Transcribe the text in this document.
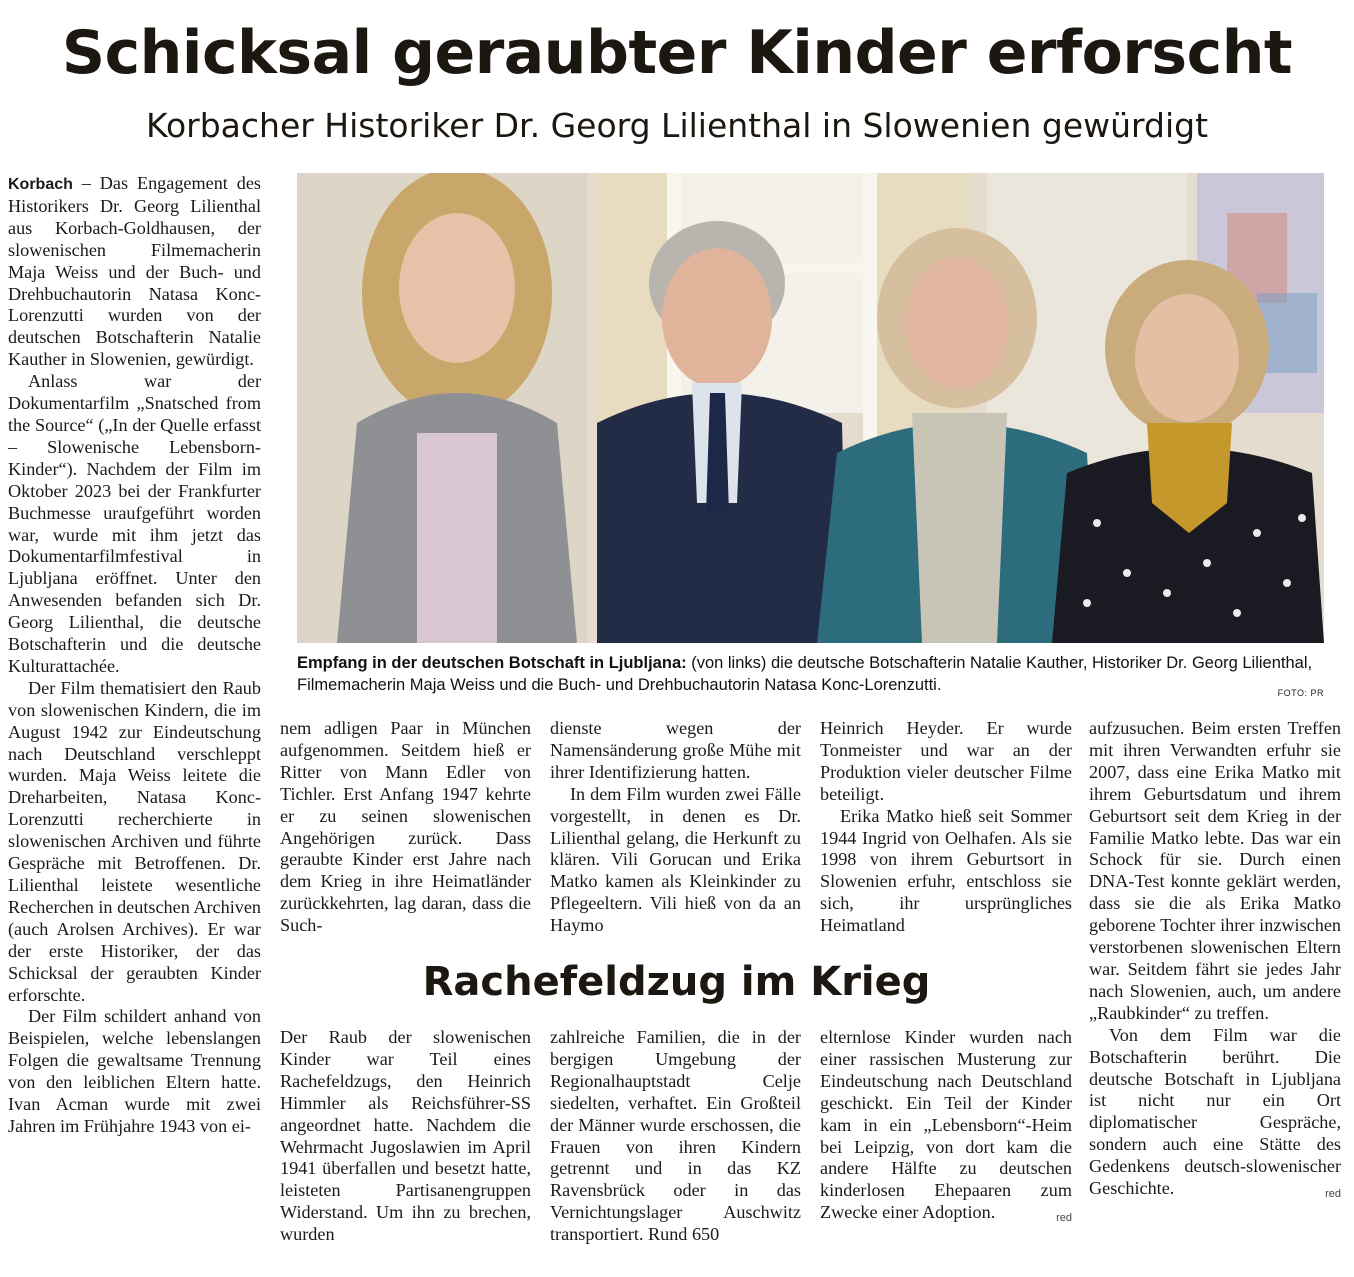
Schicksal geraubter Kinder erforscht
Korbacher Historiker Dr. Georg Lilienthal in Slowenien gewürdigt

Korbach – Das Engagement des Historikers Dr. Georg Lilienthal aus Korbach-Goldhausen, der slowenischen Filmemacherin Maja Weiss und der Buch- und Drehbuchautorin Natasa Konc-Lorenzutti wurden von der deutschen Botschafterin Natalie Kauther in Slowenien, gewürdigt.

Anlass war der Dokumentarfilm „Snatsched from the Source“ („In der Quelle erfasst – Slowenische Lebensborn-Kinder“). Nachdem der Film im Oktober 2023 bei der Frankfurter Buchmesse uraufgeführt worden war, wurde mit ihm jetzt das Dokumentarfilmfestival in Ljubljana eröffnet. Unter den Anwesenden befanden sich Dr. Georg Lilienthal, die deutsche Botschafterin und die deutsche Kulturattachée.

Der Film thematisiert den Raub von slowenischen Kindern, die im August 1942 zur Eindeutschung nach Deutschland verschleppt wurden. Maja Weiss leitete die Dreharbeiten, Natasa Konc-Lorenzutti recherchierte in slowenischen Archiven und führte Gespräche mit Betroffenen. Dr. Lilienthal leistete wesentliche Recherchen in deutschen Archiven (auch Arolsen Archives). Er war der erste Historiker, der das Schicksal der geraubten Kinder erforschte.

Der Film schildert anhand von Beispielen, welche lebenslangen Folgen die gewaltsame Trennung von den leiblichen Eltern hatte. Ivan Acman wurde mit zwei Jahren im Frühjahre 1943 von ei-

Empfang in der deutschen Botschaft in Ljubljana: (von links) die deutsche Botschafterin Natalie Kauther, Historiker Dr. Georg Lilienthal, Filmemacherin Maja Weiss und die Buch- und Drehbuchautorin Natasa Konc-Lorenzutti.	FOTO: PR

nem adligen Paar in München aufgenommen. Seitdem hieß er Ritter von Mann Edler von Tichler. Erst Anfang 1947 kehrte er zu seinen slowenischen Angehörigen zurück. Dass geraubte Kinder erst Jahre nach dem Krieg in ihre Heimatländer zurückkehrten, lag daran, dass die Such-

dienste wegen der Namensänderung große Mühe mit ihrer Identifizierung hatten.

In dem Film wurden zwei Fälle vorgestellt, in denen es Dr. Lilienthal gelang, die Herkunft zu klären. Vili Gorucan und Erika Matko kamen als Kleinkinder zu Pflegeeltern. Vili hieß von da an Haymo

Heinrich Heyder. Er wurde Tonmeister und war an der Produktion vieler deutscher Filme beteiligt.

Erika Matko hieß seit Sommer 1944 Ingrid von Oelhafen. Als sie 1998 von ihrem Geburtsort in Slowenien erfuhr, entschloss sie sich, ihr ursprüngliches Heimatland

Rachefeldzug im Krieg

Der Raub der slowenischen Kinder war Teil eines Rachefeldzugs, den Heinrich Himmler als Reichsführer-SS angeordnet hatte. Nachdem die Wehrmacht Jugoslawien im April 1941 überfallen und besetzt hatte, leisteten Partisanengruppen Widerstand. Um ihn zu brechen, wurden

zahlreiche Familien, die in der bergigen Umgebung der Regionalhauptstadt Celje siedelten, verhaftet. Ein Großteil der Männer wurde erschossen, die Frauen von ihren Kindern getrennt und in das KZ Ravensbrück oder in das Vernichtungslager Auschwitz transportiert. Rund 650

elternlose Kinder wurden nach einer rassischen Musterung zur Eindeutschung nach Deutschland geschickt. Ein Teil der Kinder kam in ein „Lebensborn“-Heim bei Leipzig, von dort kam die andere Hälfte zu deutschen kinderlosen Ehepaaren zum Zwecke einer Adoption.	red

aufzusuchen. Beim ersten Treffen mit ihren Verwandten erfuhr sie 2007, dass eine Erika Matko mit ihrem Geburtsdatum und ihrem Geburtsort seit dem Krieg in der Familie Matko lebte. Das war ein Schock für sie. Durch einen DNA-Test konnte geklärt werden, dass sie die als Erika Matko geborene Tochter ihrer inzwischen verstorbenen slowenischen Eltern war. Seitdem fährt sie jedes Jahr nach Slowenien, auch, um andere „Raubkinder“ zu treffen.

Von dem Film war die Botschafterin berührt. Die deutsche Botschaft in Ljubljana ist nicht nur ein Ort diplomatischer Gespräche, sondern auch eine Stätte des Gedenkens deutsch-slowenischer Geschichte.	red
